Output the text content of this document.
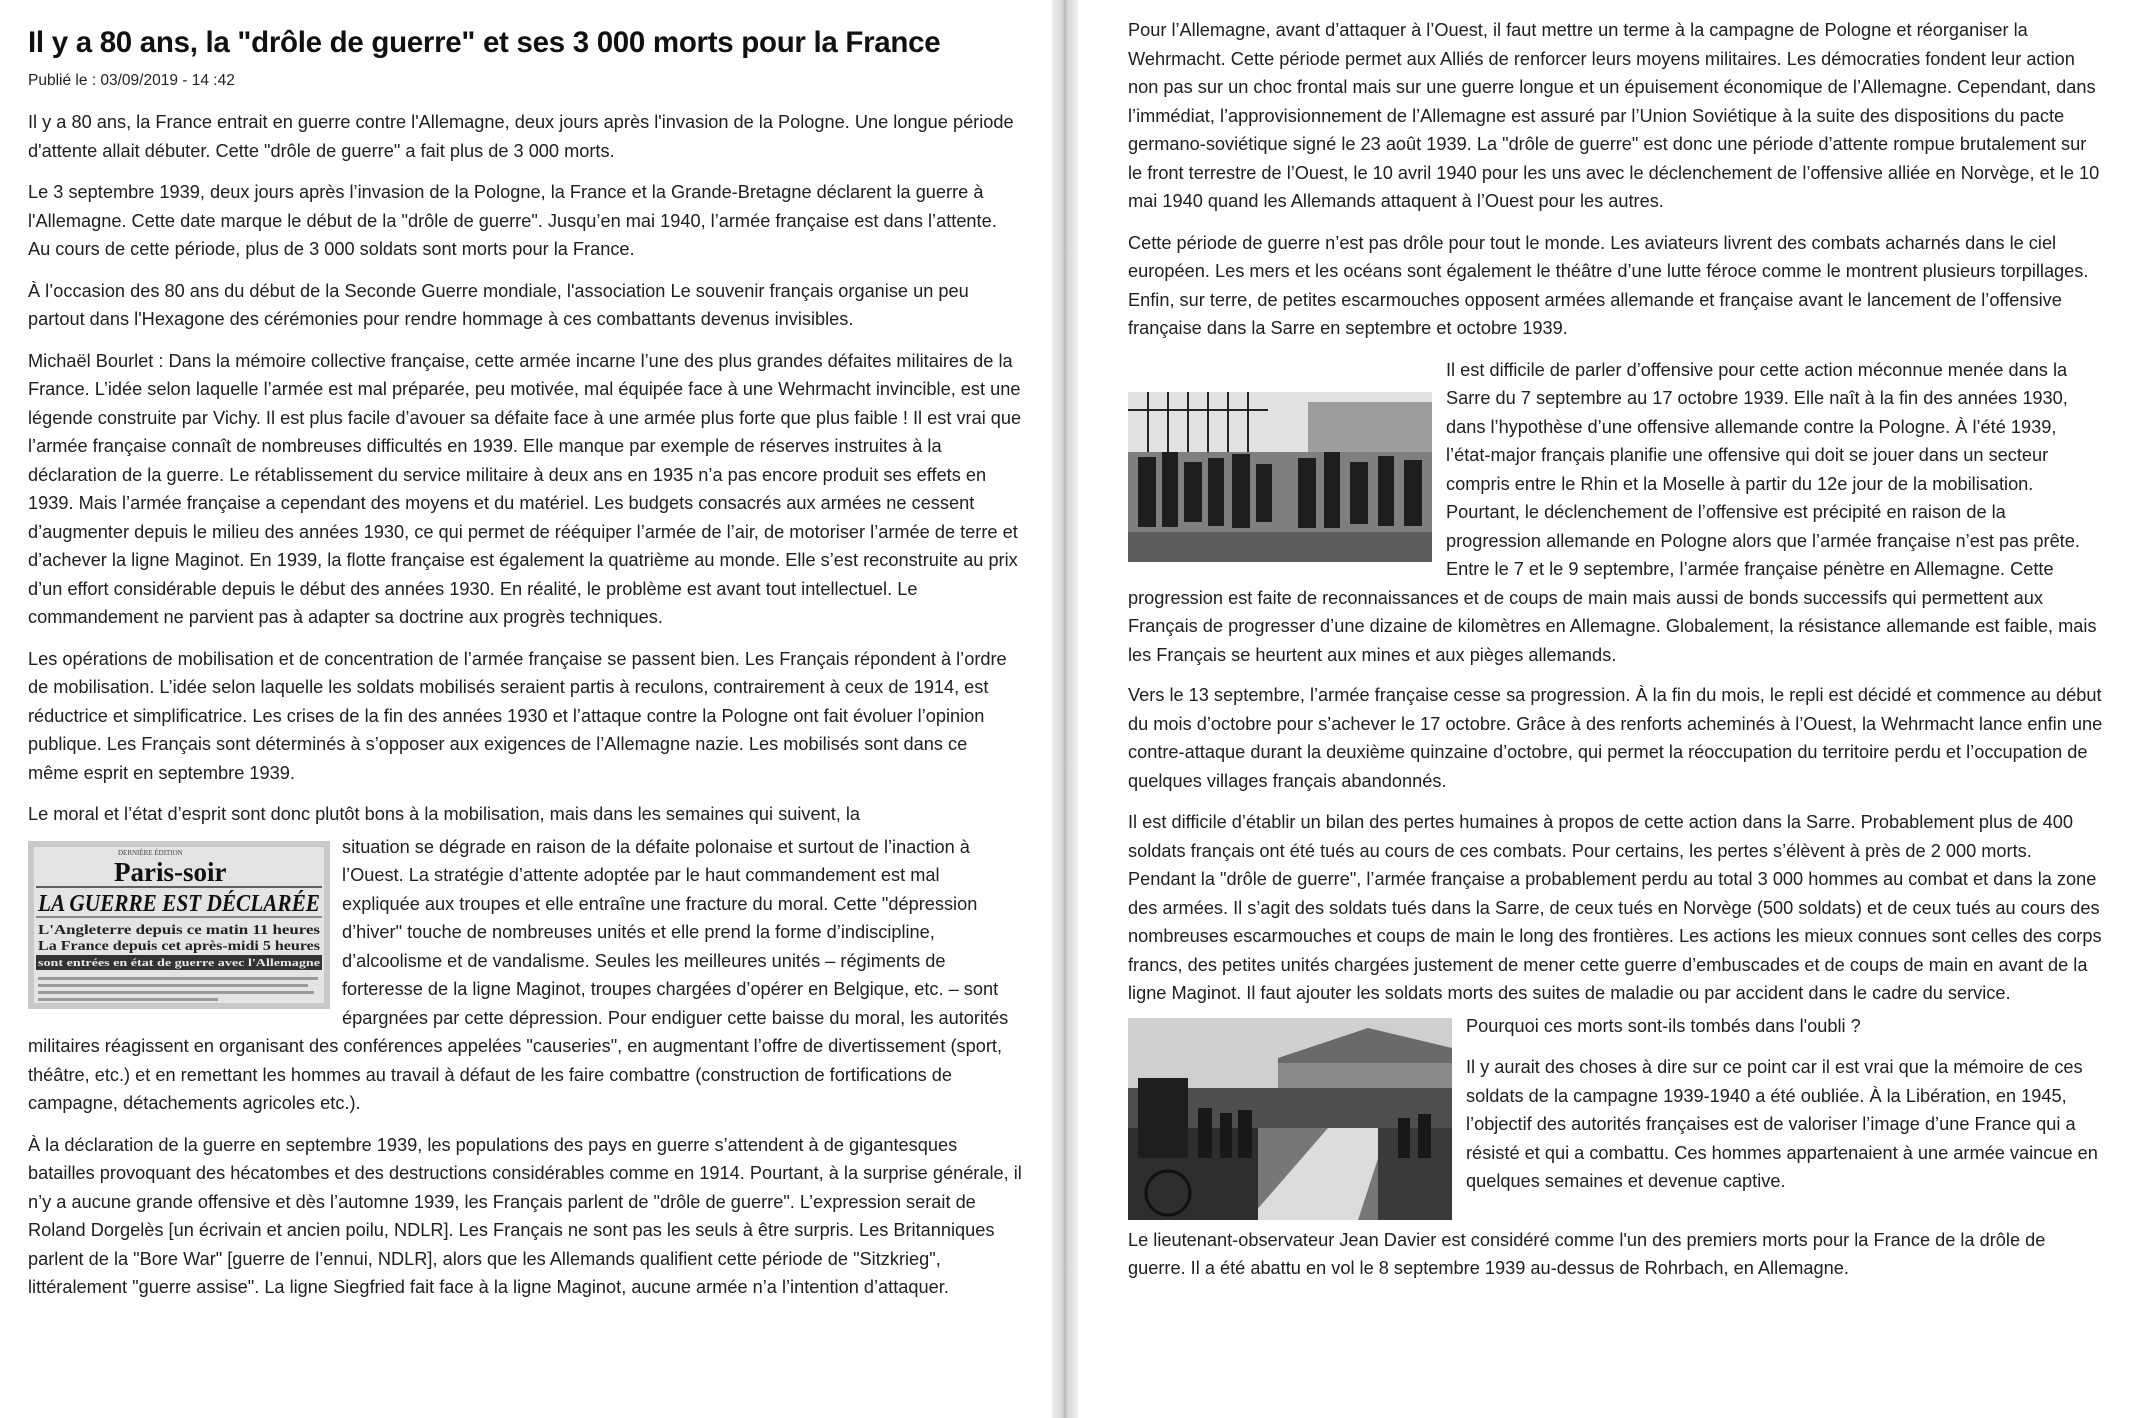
Il y a 80 ans, la "drôle de guerre" et ses 3 000 morts pour la France
Publié le : 03/09/2019 - 14 :42

Il y a 80 ans, la France entrait en guerre contre l'Allemagne, deux jours après l'invasion de la Pologne. Une longue période d'attente allait débuter. Cette "drôle de guerre" a fait plus de 3 000 morts.

Le 3 septembre 1939, deux jours après l’invasion de la Pologne, la France et la Grande-Bretagne déclarent la guerre à l'Allemagne. Cette date marque le début de la "drôle de guerre". Jusqu’en mai 1940, l’armée française est dans l’attente. Au cours de cette période, plus de 3 000 soldats sont morts pour la France.

À l’occasion des 80 ans du début de la Seconde Guerre mondiale, l'association Le souvenir français organise un peu partout dans l'Hexagone des cérémonies pour rendre hommage à ces combattants devenus invisibles.

Michaël Bourlet : Dans la mémoire collective française, cette armée incarne l’une des plus grandes défaites militaires de la France. L’idée selon laquelle l’armée est mal préparée, peu motivée, mal équipée face à une Wehrmacht invincible, est une légende construite par Vichy. Il est plus facile d’avouer sa défaite face à une armée plus forte que plus faible ! Il est vrai que l’armée française connaît de nombreuses difficultés en 1939. Elle manque par exemple de réserves instruites à la déclaration de la guerre. Le rétablissement du service militaire à deux ans en 1935 n’a pas encore produit ses effets en 1939. Mais l’armée française a cependant des moyens et du matériel. Les budgets consacrés aux armées ne cessent d’augmenter depuis le milieu des années 1930, ce qui permet de rééquiper l’armée de l’air, de motoriser l’armée de terre et d’achever la ligne Maginot. En 1939, la flotte française est également la quatrième au monde. Elle s’est reconstruite au prix d’un effort considérable depuis le début des années 1930. En réalité, le problème est avant tout intellectuel. Le commandement ne parvient pas à adapter sa doctrine aux progrès techniques.

Les opérations de mobilisation et de concentration de l’armée française se passent bien. Les Français répondent à l’ordre de mobilisation. L’idée selon laquelle les soldats mobilisés seraient partis à reculons, contrairement à ceux de 1914, est réductrice et simplificatrice. Les crises de la fin des années 1930 et l’attaque contre la Pologne ont fait évoluer l’opinion publique. Les Français sont déterminés à s’opposer aux exigences de l’Allemagne nazie. Les mobilisés sont dans ce même esprit en septembre 1939.

Le moral et l’état d’esprit sont donc plutôt bons à la mobilisation, mais dans les semaines qui suivent, la

DERNIÈRE ÉDITION
Paris-soir
LA GUERRE EST DÉCLARÉE
L'Angleterre depuis ce matin 11 heures
La France depuis cet après-midi 5 heures
sont entrées en état de guerre avec l'Allemagne

situation se dégrade en raison de la défaite polonaise et surtout de l’inaction à l’Ouest. La stratégie d’attente adoptée par le haut commandement est mal expliquée aux troupes et elle entraîne une fracture du moral. Cette "dépression d’hiver" touche de nombreuses unités et elle prend la forme d’indiscipline, d’alcoolisme et de vandalisme. Seules les meilleures unités – régiments de forteresse de la ligne Maginot, troupes chargées d’opérer en Belgique, etc. – sont épargnées par cette dépression. Pour endiguer cette baisse du moral, les autorités militaires réagissent en organisant des conférences appelées "causeries", en augmentant l’offre de divertissement (sport, théâtre, etc.) et en remettant les hommes au travail à défaut de les faire combattre (construction de fortifications de campagne, détachements agricoles etc.).

À la déclaration de la guerre en septembre 1939, les populations des pays en guerre s’attendent à de gigantesques batailles provoquant des hécatombes et des destructions considérables comme en 1914. Pourtant, à la surprise générale, il n’y a aucune grande offensive et dès l’automne 1939, les Français parlent de "drôle de guerre". L’expression serait de Roland Dorgelès [un écrivain et ancien poilu, NDLR]. Les Français ne sont pas les seuls à être surpris. Les Britanniques parlent de la "Bore War" [guerre de l’ennui, NDLR], alors que les Allemands qualifient cette période de "Sitzkrieg", littéralement "guerre assise". La ligne Siegfried fait face à la ligne Maginot, aucune armée n’a l’intention d’attaquer.

Pour l’Allemagne, avant d’attaquer à l’Ouest, il faut mettre un terme à la campagne de Pologne et réorganiser la Wehrmacht. Cette période permet aux Alliés de renforcer leurs moyens militaires. Les démocraties fondent leur action non pas sur un choc frontal mais sur une guerre longue et un épuisement économique de l’Allemagne. Cependant, dans l’immédiat, l’approvisionnement de l’Allemagne est assuré par l’Union Soviétique à la suite des dispositions du pacte germano-soviétique signé le 23 août 1939. La "drôle de guerre" est donc une période d’attente rompue brutalement sur le front terrestre de l’Ouest, le 10 avril 1940 pour les uns avec le déclenchement de l’offensive alliée en Norvège, et le 10 mai 1940 quand les Allemands attaquent à l’Ouest pour les autres.

Cette période de guerre n’est pas drôle pour tout le monde. Les aviateurs livrent des combats acharnés dans le ciel européen. Les mers et les océans sont également le théâtre d’une lutte féroce comme le montrent plusieurs torpillages. Enfin, sur terre, de petites escarmouches opposent armées allemande et française avant le lancement de l’offensive française dans la Sarre en septembre et octobre 1939.

Il est difficile de parler d’offensive pour cette action méconnue menée dans la Sarre du 7 septembre au 17 octobre 1939. Elle naît à la fin des années 1930, dans l’hypothèse d’une offensive allemande contre la Pologne. À l’été 1939, l’état-major français planifie une offensive qui doit se jouer dans un secteur compris entre le Rhin et la Moselle à partir du 12e jour de la mobilisation. Pourtant, le déclenchement de l’offensive est précipité en raison de la progression allemande en Pologne alors que l’armée française n’est pas prête. Entre le 7 et le 9 septembre, l’armée française pénètre en Allemagne. Cette progression est faite de reconnaissances et de coups de main mais aussi de bonds successifs qui permettent aux Français de progresser d’une dizaine de kilomètres en Allemagne. Globalement, la résistance allemande est faible, mais les Français se heurtent aux mines et aux pièges allemands.

Vers le 13 septembre, l’armée française cesse sa progression. À la fin du mois, le repli est décidé et commence au début du mois d’octobre pour s’achever le 17 octobre. Grâce à des renforts acheminés à l’Ouest, la Wehrmacht lance enfin une contre-attaque durant la deuxième quinzaine d’octobre, qui permet la réoccupation du territoire perdu et l’occupation de quelques villages français abandonnés.

Il est difficile d’établir un bilan des pertes humaines à propos de cette action dans la Sarre. Probablement plus de 400 soldats français ont été tués au cours de ces combats. Pour certains, les pertes s’élèvent à près de 2 000 morts. Pendant la "drôle de guerre", l’armée française a probablement perdu au total 3 000 hommes au combat et dans la zone des armées. Il s’agit des soldats tués dans la Sarre, de ceux tués en Norvège (500 soldats) et de ceux tués au cours des nombreuses escarmouches et coups de main le long des frontières. Les actions les mieux connues sont celles des corps francs, des petites unités chargées justement de mener cette guerre d’embuscades et de coups de main en avant de la ligne Maginot. Il faut ajouter les soldats morts des suites de maladie ou par accident dans le cadre du service.

Pourquoi ces morts sont-ils tombés dans l'oubli ?

Il y aurait des choses à dire sur ce point car il est vrai que la mémoire de ces soldats de la campagne 1939-1940 a été oubliée. À la Libération, en 1945, l’objectif des autorités françaises est de valoriser l’image d’une France qui a résisté et qui a combattu. Ces hommes appartenaient à une armée vaincue en quelques semaines et devenue captive.

Le lieutenant-observateur Jean Davier est considéré comme l'un des premiers morts pour la France de la drôle de guerre. Il a été abattu en vol le 8 septembre 1939 au-dessus de Rohrbach, en Allemagne.
